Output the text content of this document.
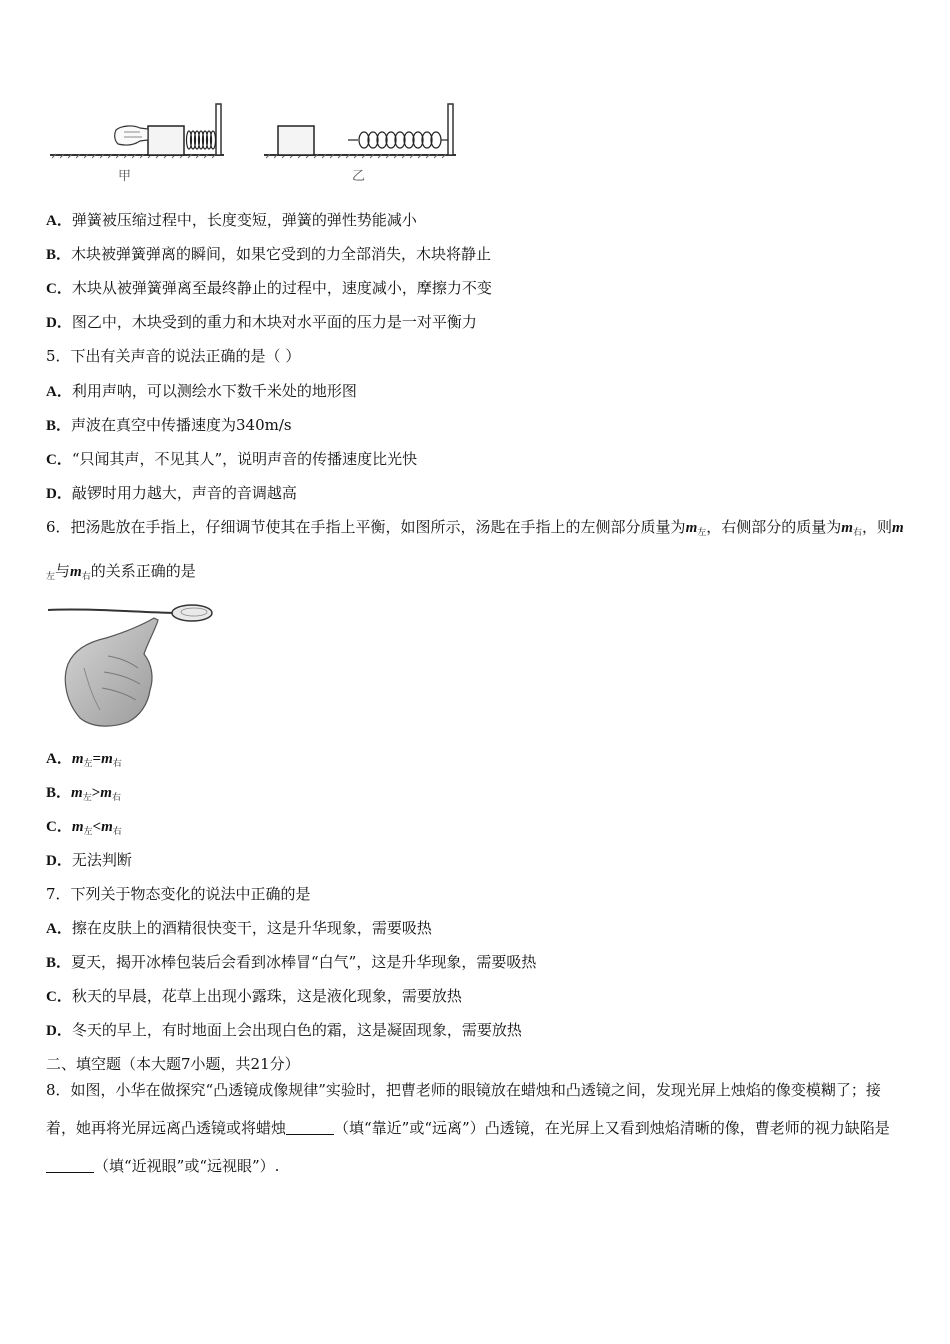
甲	乙
A．弹簧被压缩过程中，长度变短，弹簧的弹性势能减小
B．木块被弹簧弹离的瞬间，如果它受到的力全部消失，木块将静止
C．木块从被弹簧弹离至最终静止的过程中，速度减小，摩擦力不变
D．图乙中，木块受到的重力和木块对水平面的压力是一对平衡力
5．下出有关声音的说法正确的是（ ）
A．利用声呐，可以测绘水下数千米处的地形图
B．声波在真空中传播速度为340m/s
C．“只闻其声，不见其人”，说明声音的传播速度比光快
D．敲锣时用力越大，声音的音调越高
6．把汤匙放在手指上，仔细调节使其在手指上平衡，如图所示，汤匙在手指上的左侧部分质量为$m_左$，右侧部分的质量为$m_右$，则$m_左$与$m_右$的关系正确的是
A．$m_左=m_右$
B．$m_左>m_右$
C．$m_左<m_右$
D．无法判断
7．下列关于物态变化的说法中正确的是
A．擦在皮肤上的酒精很快变干，这是升华现象，需要吸热
B．夏天，揭开冰棒包装后会看到冰棒冒“白气”，这是升华现象，需要吸热
C．秋天的早晨，花草上出现小露珠，这是液化现象，需要放热
D．冬天的早上，有时地面上会出现白色的霜，这是凝固现象，需要放热
二、填空题（本大题7小题，共21分）
8．如图，小华在做探究“凸透镜成像规律”实验时，把曹老师的眼镜放在蜡烛和凸透镜之间，发现光屏上烛焰的像变模糊了；接着，她再将光屏远离凸透镜或将蜡烛	（填“靠近”或“远离”）凸透镜，在光屏上又看到烛焰清晰的像，曹老师的视力缺陷是（填“近视眼”或“远视眼”）.
